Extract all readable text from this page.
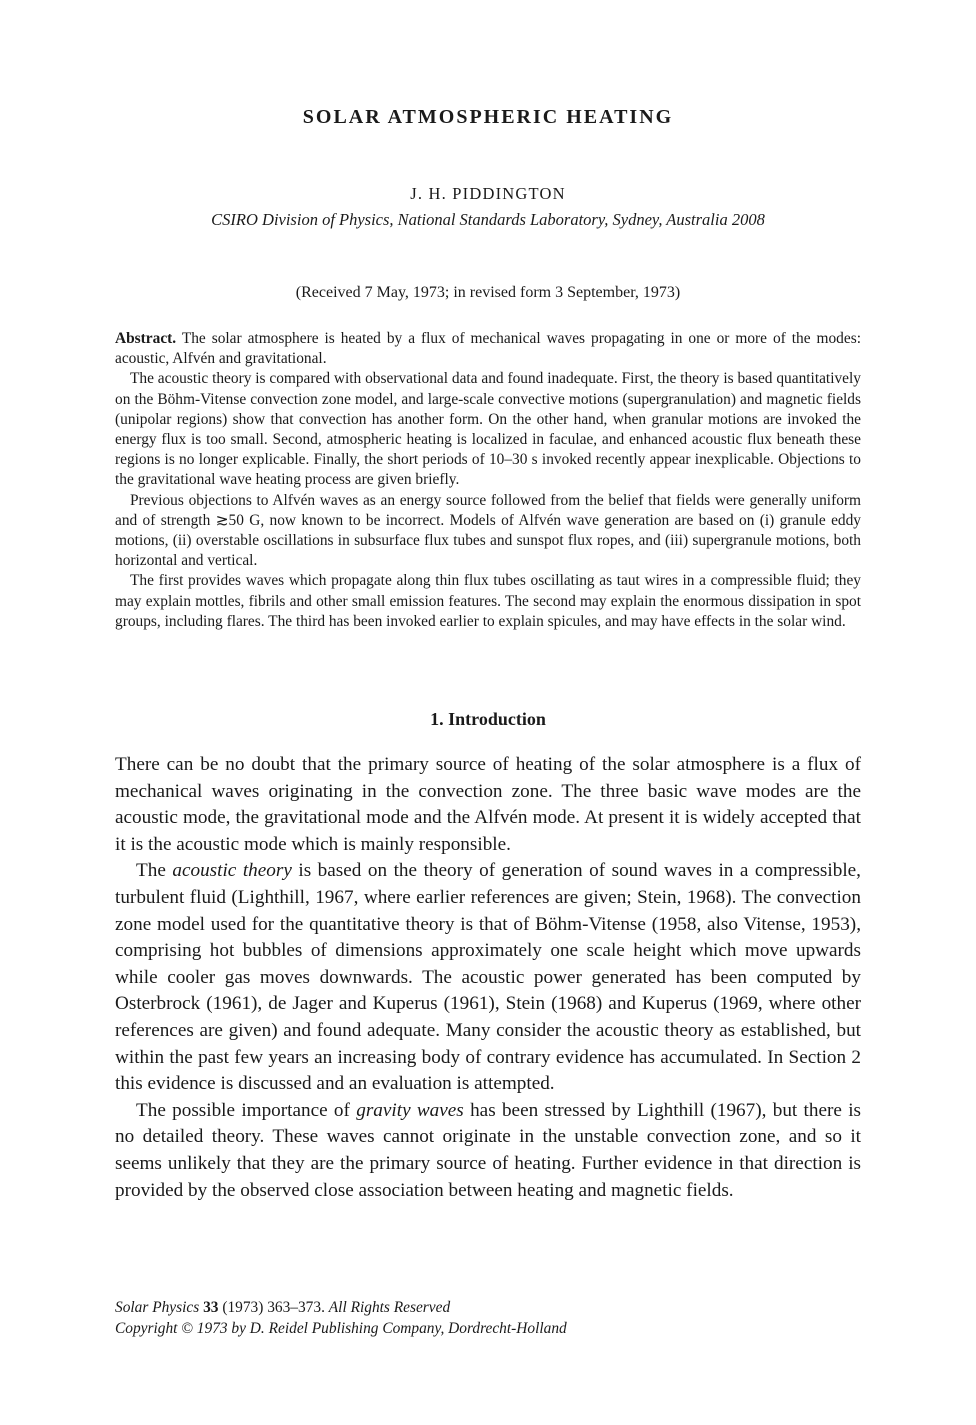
SOLAR ATMOSPHERIC HEATING
J. H. PIDDINGTON
CSIRO Division of Physics, National Standards Laboratory, Sydney, Australia 2008
(Received 7 May, 1973; in revised form 3 September, 1973)

Abstract. The solar atmosphere is heated by a flux of mechanical waves propagating in one or more of the modes: acoustic, Alfvén and gravitational.

The acoustic theory is compared with observational data and found inadequate. First, the theory is based quantitatively on the Böhm-Vitense convection zone model, and large-scale convective motions (supergranulation) and magnetic fields (unipolar regions) show that convection has another form. On the other hand, when granular motions are invoked the energy flux is too small. Second, atmospheric heating is localized in faculae, and enhanced acoustic flux beneath these regions is no longer explicable. Finally, the short periods of 10–30 s invoked recently appear inexplicable. Objections to the gravitational wave heating process are given briefly.

Previous objections to Alfvén waves as an energy source followed from the belief that fields were generally uniform and of strength ≳50 G, now known to be incorrect. Models of Alfvén wave generation are based on (i) granule eddy motions, (ii) overstable oscillations in subsurface flux tubes and sunspot flux ropes, and (iii) supergranule motions, both horizontal and vertical.

The first provides waves which propagate along thin flux tubes oscillating as taut wires in a compressible fluid; they may explain mottles, fibrils and other small emission features. The second may explain the enormous dissipation in spot groups, including flares. The third has been invoked earlier to explain spicules, and may have effects in the solar wind.

1. Introduction

There can be no doubt that the primary source of heating of the solar atmosphere is a flux of mechanical waves originating in the convection zone. The three basic wave modes are the acoustic mode, the gravitational mode and the Alfvén mode. At present it is widely accepted that it is the acoustic mode which is mainly responsible.

The acoustic theory is based on the theory of generation of sound waves in a compressible, turbulent fluid (Lighthill, 1967, where earlier references are given; Stein, 1968). The convection zone model used for the quantitative theory is that of Böhm-Vitense (1958, also Vitense, 1953), comprising hot bubbles of dimensions approximately one scale height which move upwards while cooler gas moves downwards. The acoustic power generated has been computed by Osterbrock (1961), de Jager and Kuperus (1961), Stein (1968) and Kuperus (1969, where other references are given) and found adequate. Many consider the acoustic theory as established, but within the past few years an increasing body of contrary evidence has accumulated. In Section 2 this evidence is discussed and an evaluation is attempted.

The possible importance of gravity waves has been stressed by Lighthill (1967), but there is no detailed theory. These waves cannot originate in the unstable convection zone, and so it seems unlikely that they are the primary source of heating. Further evidence in that direction is provided by the observed close association between heating and magnetic fields.

Solar Physics 33 (1973) 363–373. All Rights Reserved
Copyright © 1973 by D. Reidel Publishing Company, Dordrecht-Holland
